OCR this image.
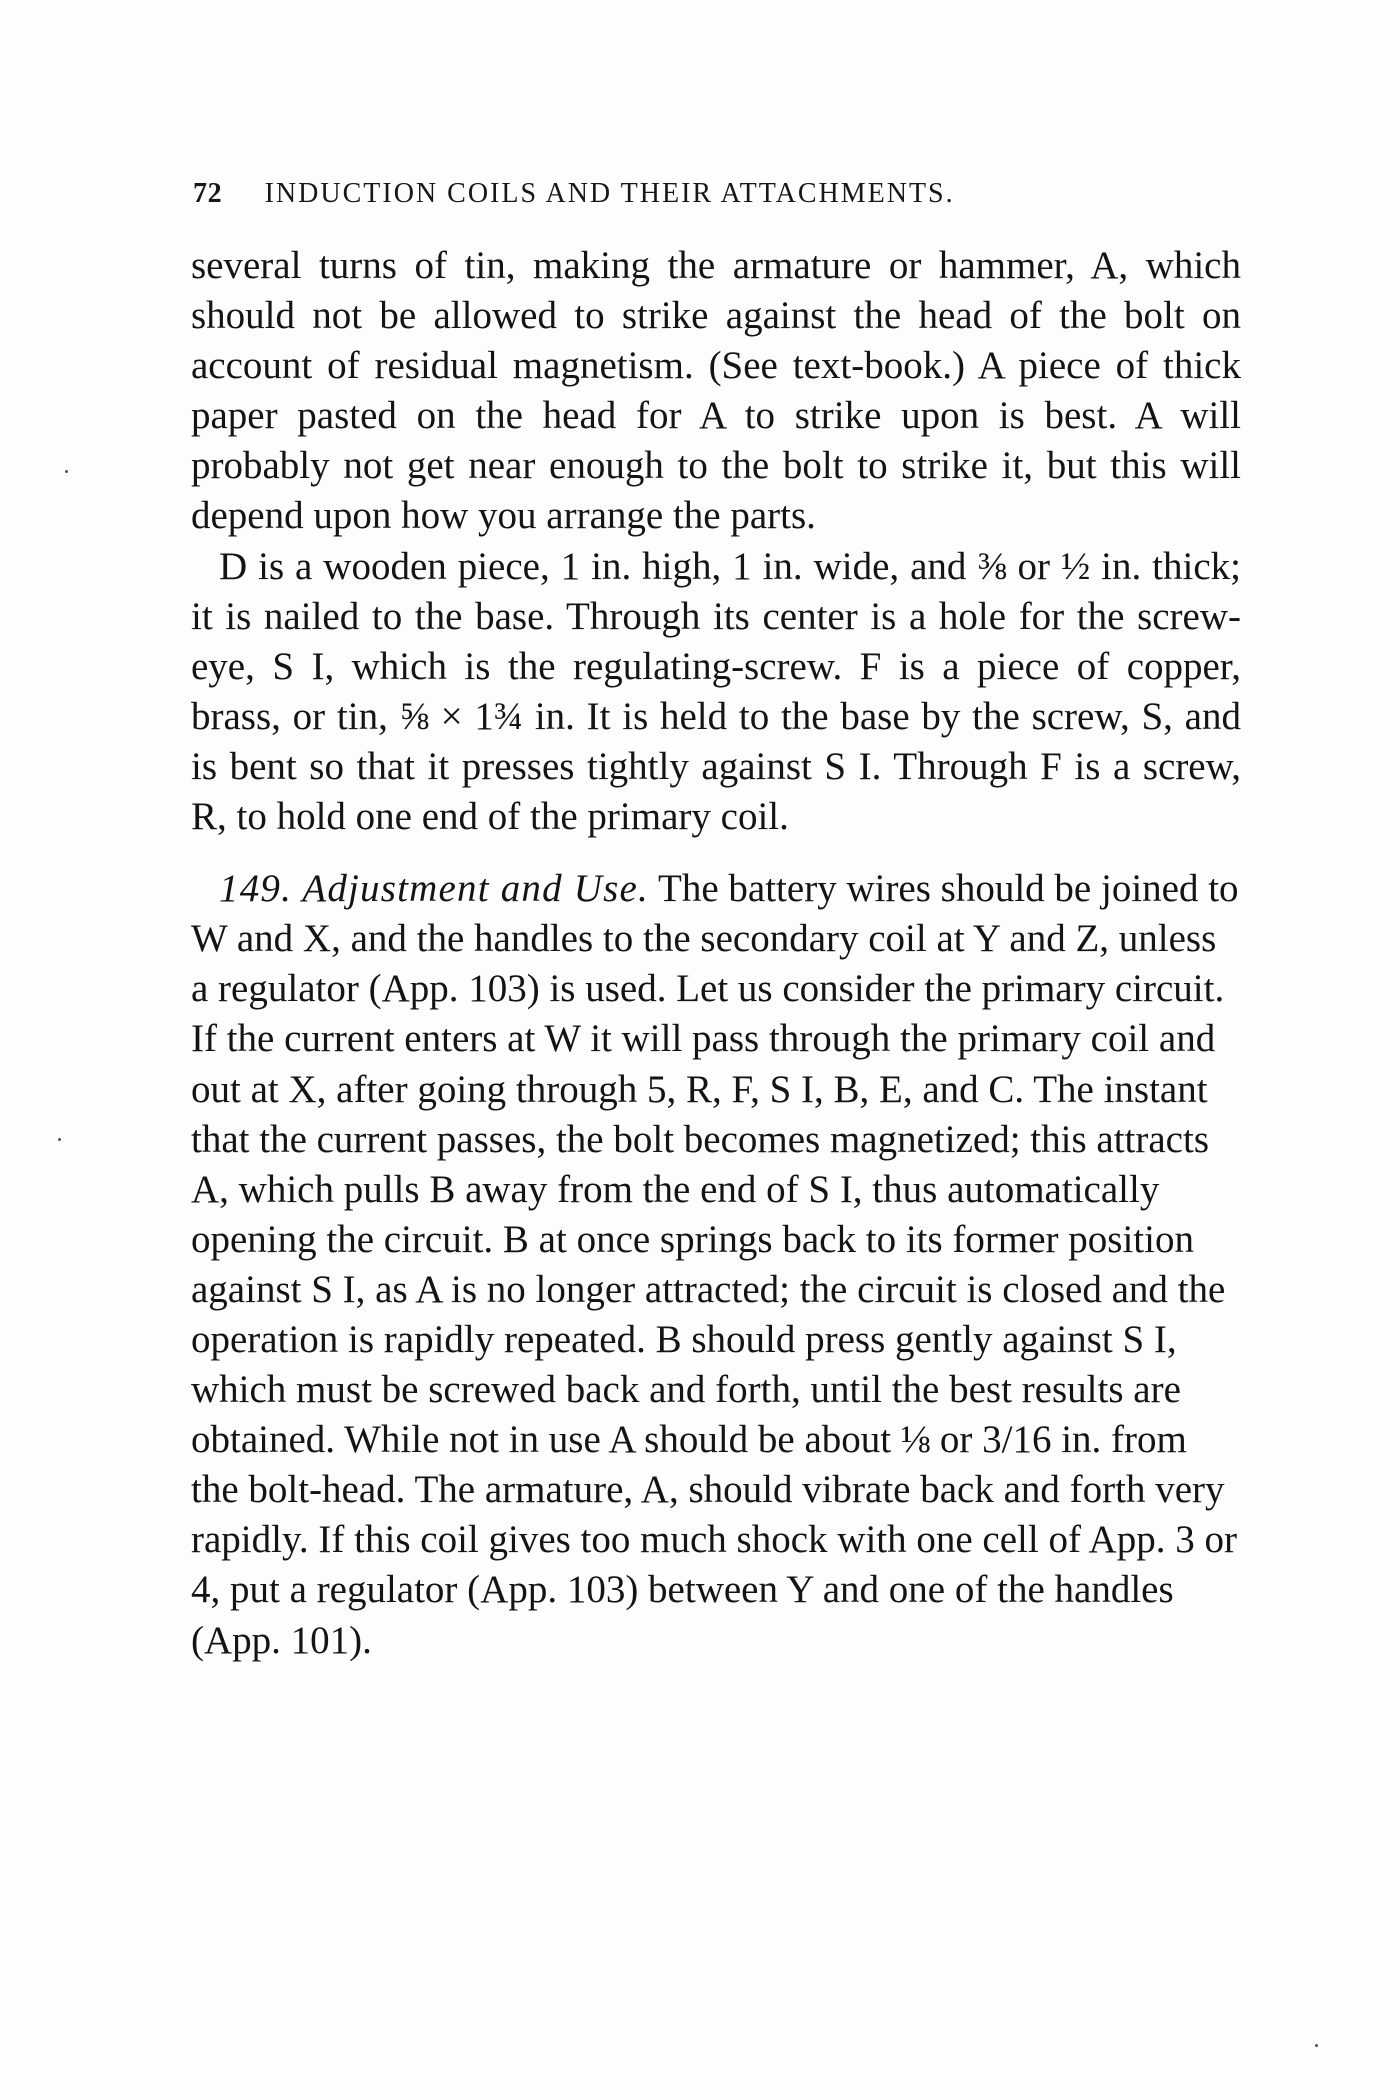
72 INDUCTION COILS AND THEIR ATTACHMENTS.

several turns of tin, making the armature or hammer, A, which should not be allowed to strike against the head of the bolt on account of residual magnetism. (See text-book.) A piece of thick paper pasted on the head for A to strike upon is best. A will probably not get near enough to the bolt to strike it, but this will depend upon how you arrange the parts.

D is a wooden piece, 1 in. high, 1 in. wide, and ⅜ or ½ in. thick; it is nailed to the base. Through its center is a hole for the screw-eye, S I, which is the regulating-screw. F is a piece of copper, brass, or tin, ⅝ × 1¾ in. It is held to the base by the screw, S, and is bent so that it presses tightly against S I. Through F is a screw, R, to hold one end of the primary coil.

149. Adjustment and Use. The battery wires should be joined to W and X, and the handles to the secondary coil at Y and Z, unless a regulator (App. 103) is used. Let us consider the primary circuit. If the current enters at W it will pass through the primary coil and out at X, after going through 5, R, F, S I, B, E, and C. The instant that the current passes, the bolt becomes magnetized; this attracts A, which pulls B away from the end of S I, thus automatically opening the circuit. B at once springs back to its former position against S I, as A is no longer attracted; the circuit is closed and the operation is rapidly repeated. B should press gently against S I, which must be screwed back and forth, until the best results are obtained. While not in use A should be about ⅛ or 3/16 in. from the bolt-head. The armature, A, should vibrate back and forth very rapidly. If this coil gives too much shock with one cell of App. 3 or 4, put a regulator (App. 103) between Y and one of the handles (App. 101).
